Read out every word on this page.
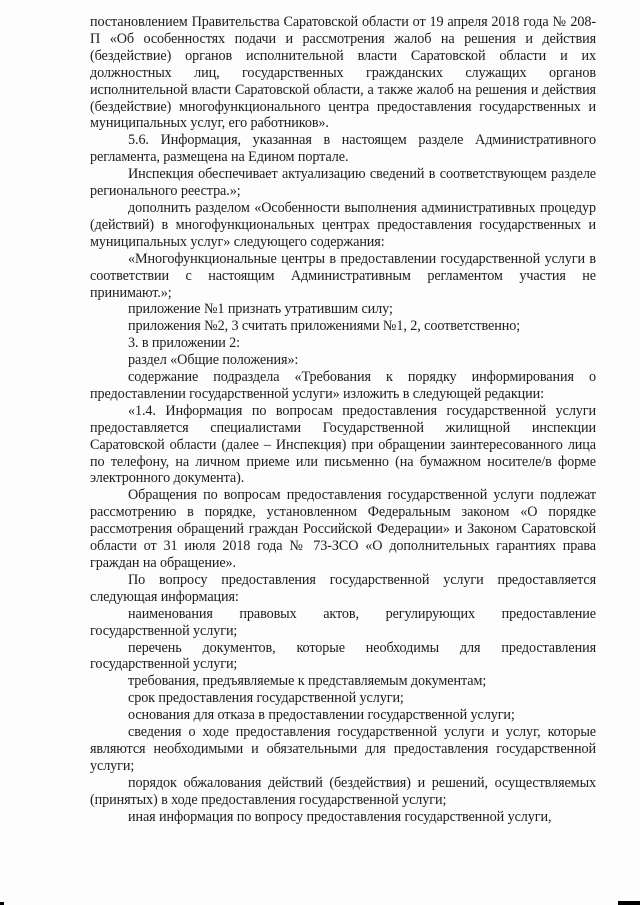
постановлением Правительства Саратовской области от 19 апреля 2018 года № 208-П «Об особенностях подачи и рассмотрения жалоб на решения и действия (бездействие) органов исполнительной власти Саратовской области и их должностных лиц, государственных гражданских служащих органов исполнительной власти Саратовской области, а также жалоб на решения и действия (бездействие) многофункционального центра предоставления государственных и муниципальных услуг, его работников».

5.6. Информация, указанная в настоящем разделе Административного регламента, размещена на Едином портале.

Инспекция обеспечивает актуализацию сведений в соответствующем разделе регионального реестра.»;

дополнить разделом «Особенности выполнения административных процедур (действий) в многофункциональных центрах предоставления государственных и муниципальных услуг» следующего содержания:

«Многофункциональные центры в предоставлении государственной услуги в соответствии с настоящим Административным регламентом участия не принимают.»;

приложение №1 признать утратившим силу;

приложения №2, 3 считать приложениями №1, 2, соответственно;

3. в приложении 2:

раздел «Общие положения»:

содержание подраздела «Требования к порядку информирования о предоставлении государственной услуги» изложить в следующей редакции:

«1.4. Информация по вопросам предоставления государственной услуги предоставляется специалистами Государственной жилищной инспекции Саратовской области (далее – Инспекция) при обращении заинтересованного лица по телефону, на личном приеме или письменно (на бумажном носителе/в форме электронного документа).

Обращения по вопросам предоставления государственной услуги подлежат рассмотрению в порядке, установленном Федеральным законом «О порядке рассмотрения обращений граждан Российской Федерации» и Законом Саратовской области от 31 июля 2018 года № 73-ЗСО «О дополнительных гарантиях права граждан на обращение».

По вопросу предоставления государственной услуги предоставляется следующая информация:

наименования правовых актов, регулирующих предоставление государственной услуги;

перечень документов, которые необходимы для предоставления государственной услуги;

требования, предъявляемые к представляемым документам;

срок предоставления государственной услуги;

основания для отказа в предоставлении государственной услуги;

сведения о ходе предоставления государственной услуги и услуг, которые являются необходимыми и обязательными для предоставления государственной услуги;

порядок обжалования действий (бездействия) и решений, осуществляемых (принятых) в ходе предоставления государственной услуги;

иная информация по вопросу предоставления государственной услуги,
